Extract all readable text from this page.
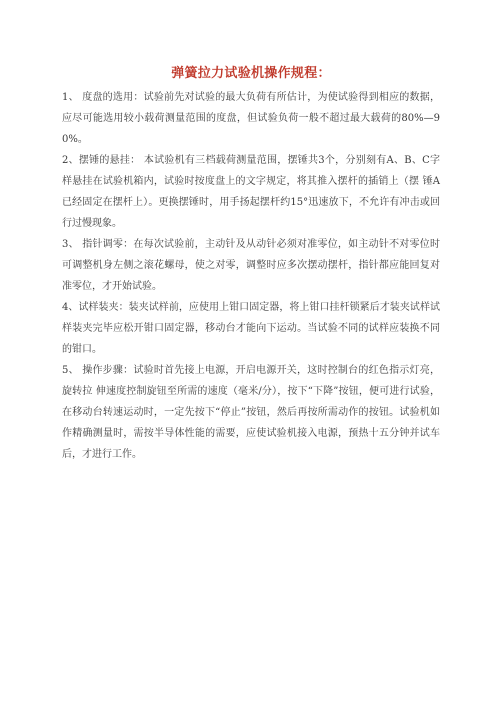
弹簧拉力试验机操作规程：

1、 度盘的选用：试验前先对试验的最大负荷有所估计，为使试验得到相应的数据，应尽可能选用较小载荷测量范围的度盘，但试验负荷一般不超过最大载荷的80%—90%。

2、摆锤的悬挂： 本试验机有三档载荷测量范围，摆锤共3个，分别刻有A、B、C字样悬挂在试验机箱内，试验时按度盘上的文字规定，将其推入摆杆的插销上（摆 锤A已经固定在摆杆上）。更换摆锤时，用手扬起摆杆约15°迅速放下，不允许有冲击或回行过慢现象。

3、 指针调零：在每次试验前，主动针及从动针必须对准零位，如主动针不对零位时可调整机身左侧之滚花螺母，使之对零，调整时应多次摆动摆杆，指针都应能回复对准零位，才开始试验。

4、试样装夹：装夹试样前，应使用上钳口固定器，将上钳口挂杆锁紧后才装夹试样试样装夹完毕应松开钳口固定器，移动台才能向下运动。当试验不同的试样应装换不同的钳口。

5、 操作步骤：试验时首先接上电源，开启电源开关，这时控制台的红色指示灯亮，旋转拉 伸速度控制旋钮至所需的速度（毫米/分），按下“下降”按钮，便可进行试验，在移动台转速运动时，一定先按下“停止”按钮，然后再按所需动作的按钮。试验机如作精确测量时，需按半导体性能的需要，应使试验机接入电源，预热十五分钟并试车后，才进行工作。
